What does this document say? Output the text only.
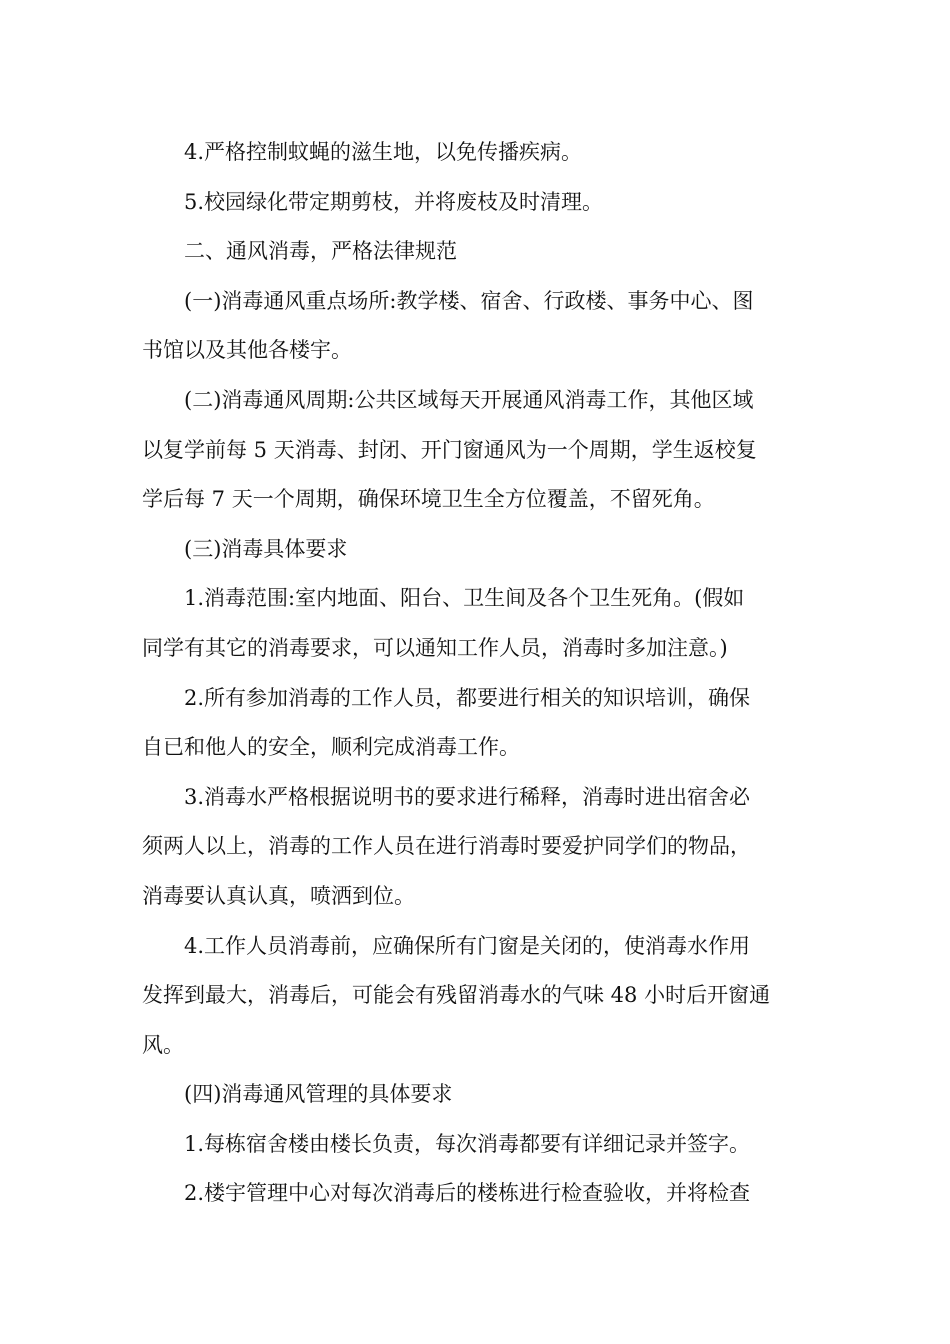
4.严格控制蚊蝇的滋生地，以免传播疾病。
5.校园绿化带定期剪枝，并将废枝及时清理。
二、通风消毒，严格法律规范
(一)消毒通风重点场所:教学楼、宿舍、行政楼、事务中心、图
书馆以及其他各楼宇。
(二)消毒通风周期:公共区域每天开展通风消毒工作，其他区域
以复学前每 5 天消毒、封闭、开门窗通风为一个周期，学生返校复
学后每 7 天一个周期，确保环境卫生全方位覆盖，不留死角。
(三)消毒具体要求
1.消毒范围:室内地面、阳台、卫生间及各个卫生死角。(假如
同学有其它的消毒要求，可以通知工作人员，消毒时多加注意。)
2.所有参加消毒的工作人员，都要进行相关的知识培训，确保
自已和他人的安全，顺利完成消毒工作。
3.消毒水严格根据说明书的要求进行稀释，消毒时进出宿舍必
须两人以上，消毒的工作人员在进行消毒时要爱护同学们的物品，
消毒要认真认真，喷洒到位。
4.工作人员消毒前，应确保所有门窗是关闭的，使消毒水作用
发挥到最大，消毒后，可能会有残留消毒水的气味 48 小时后开窗通
风。
(四)消毒通风管理的具体要求
1.每栋宿舍楼由楼长负责，每次消毒都要有详细记录并签字。
2.楼宇管理中心对每次消毒后的楼栋进行检查验收，并将检查
